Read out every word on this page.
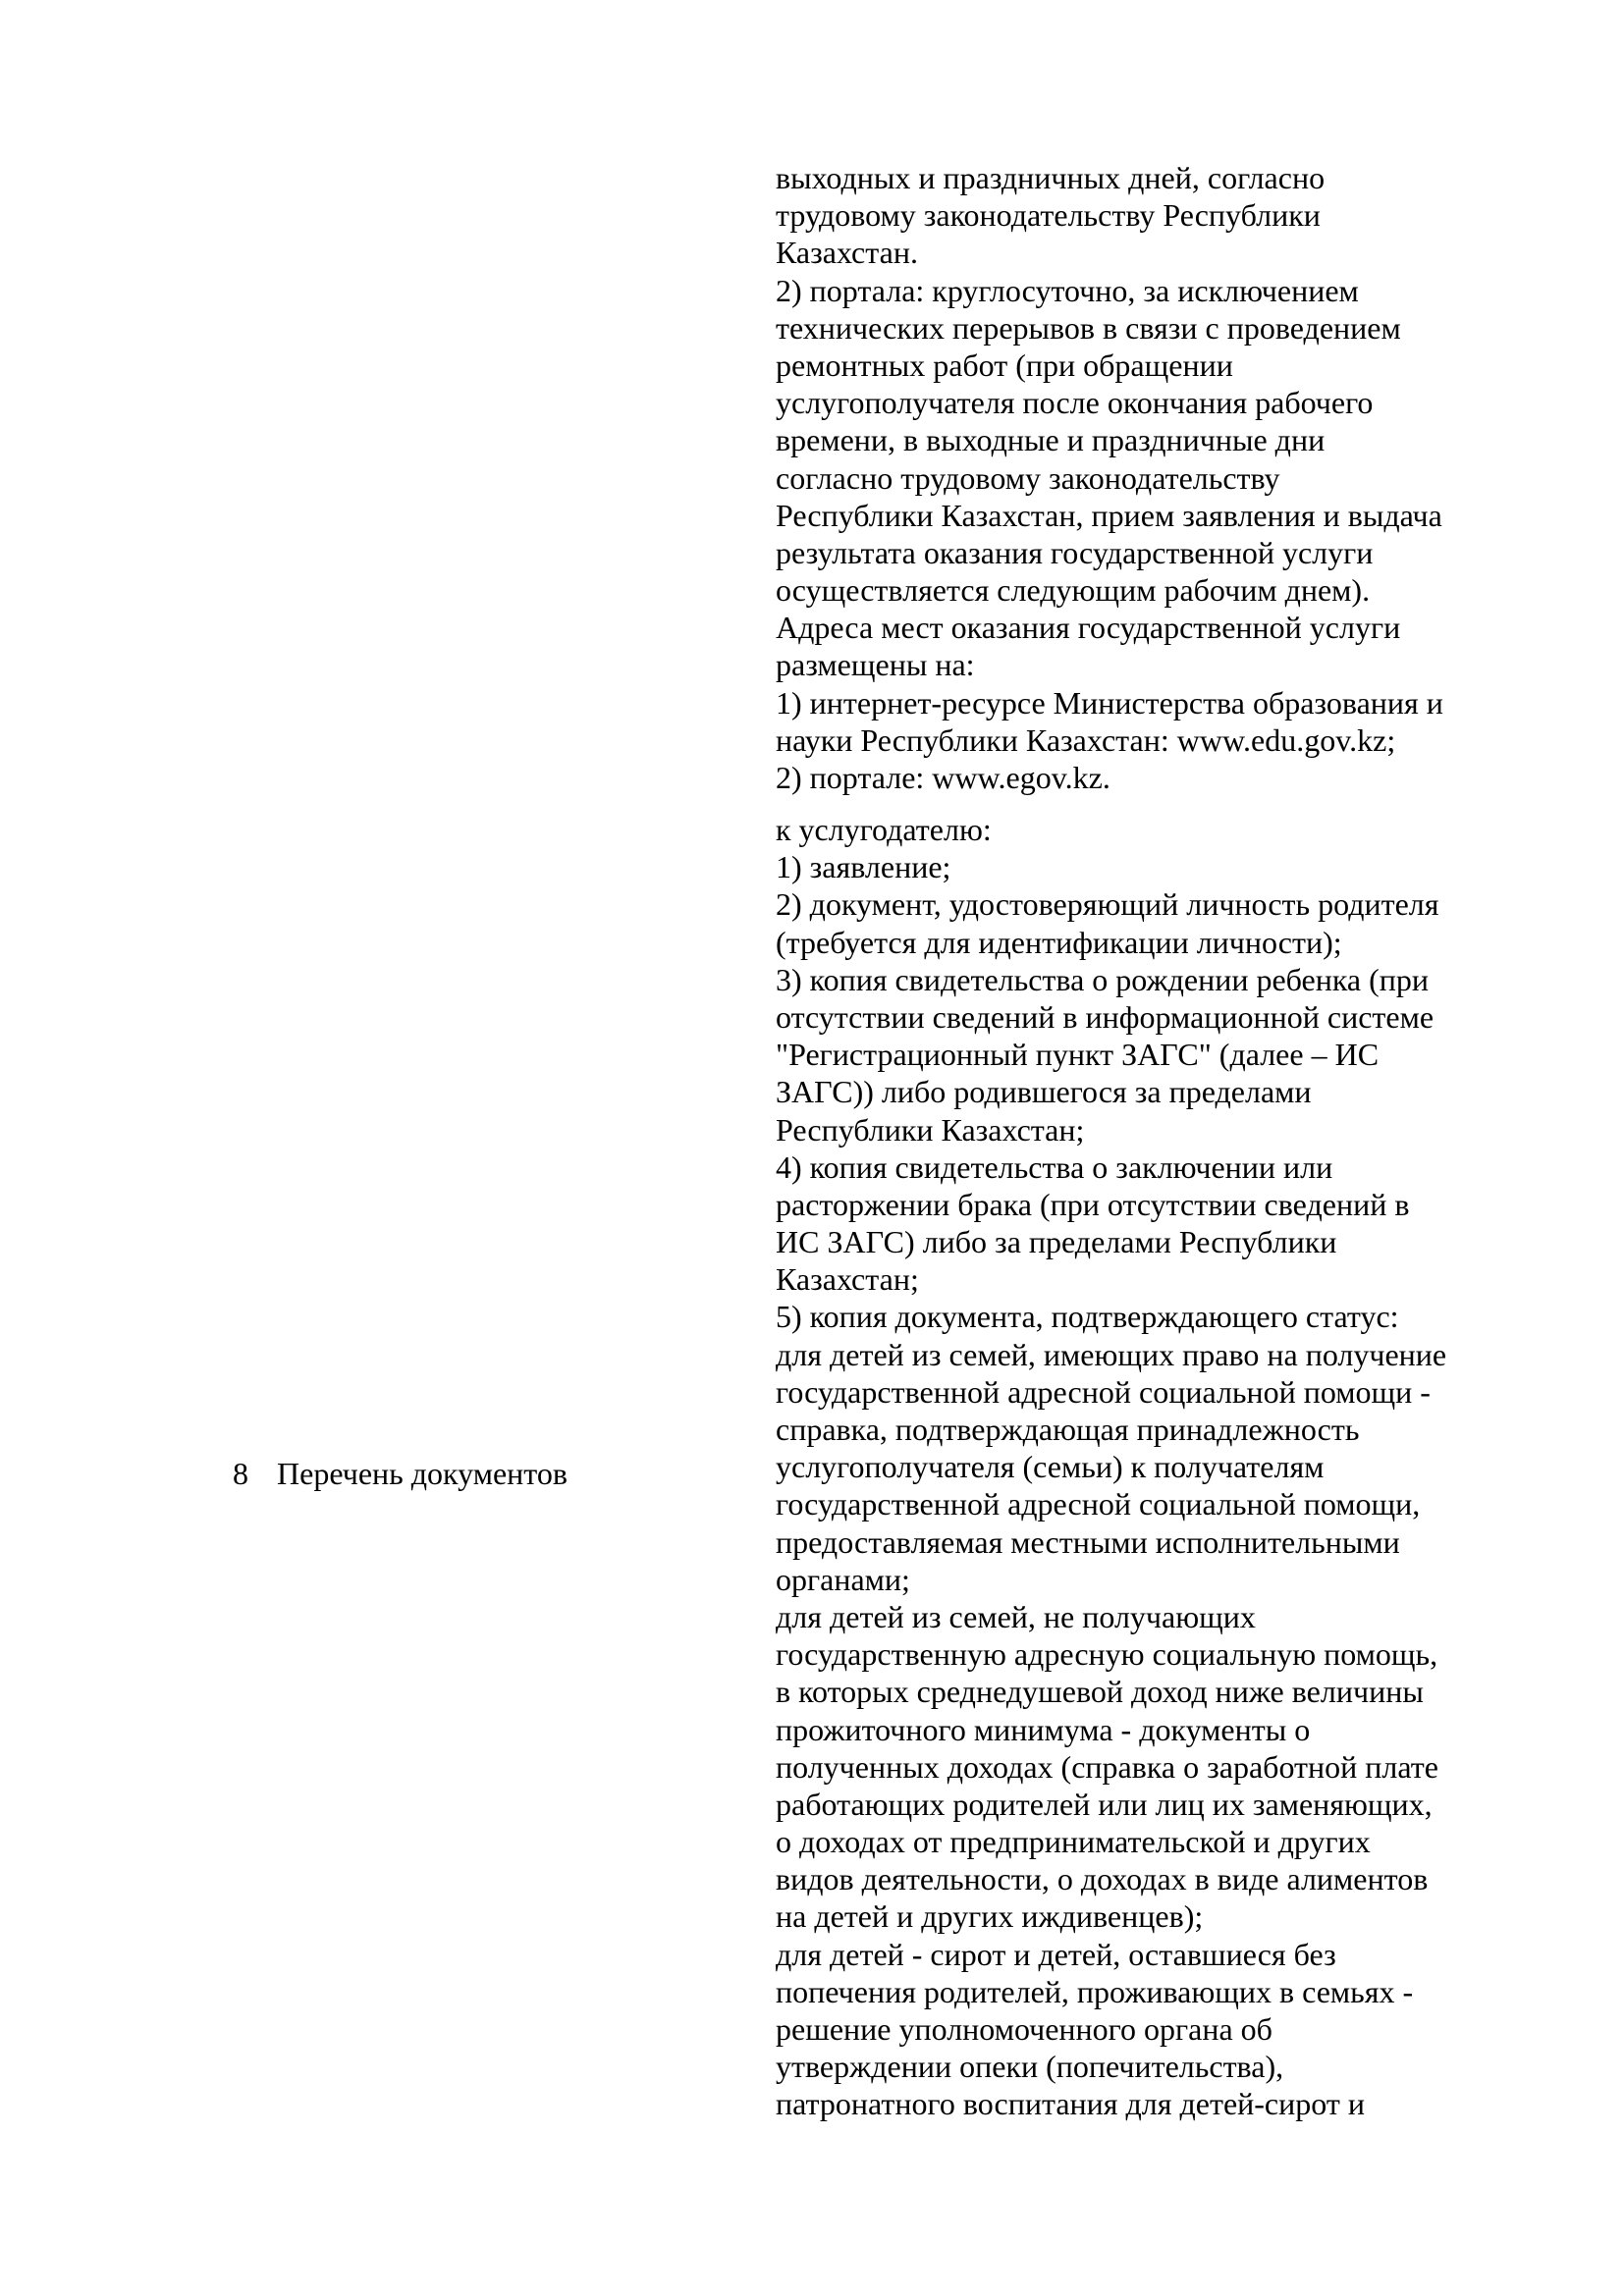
выходных и праздничных дней, согласно
трудовому законодательству Республики
Казахстан.
2) портала: круглосуточно, за исключением
технических перерывов в связи с проведением
ремонтных работ (при обращении
услугополучателя после окончания рабочего
времени, в выходные и праздничные дни
согласно трудовому законодательству
Республики Казахстан, прием заявления и выдача
результата оказания государственной услуги
осуществляется следующим рабочим днем).
Адреса мест оказания государственной услуги
размещены на:
1) интернет-ресурсе Министерства образования и
науки Республики Казахстан: www.edu.gov.kz;
2) портале: www.egov.kz.
8 Перечень документов
к услугодателю:
1) заявление;
2) документ, удостоверяющий личность родителя
(требуется для идентификации личности);
3) копия свидетельства о рождении ребенка (при
отсутствии сведений в информационной системе
"Регистрационный пункт ЗАГС" (далее – ИС
ЗАГС)) либо родившегося за пределами
Республики Казахстан;
4) копия свидетельства о заключении или
расторжении брака (при отсутствии сведений в
ИС ЗАГС) либо за пределами Республики
Казахстан;
5) копия документа, подтверждающего статус:
для детей из семей, имеющих право на получение
государственной адресной социальной помощи -
справка, подтверждающая принадлежность
услугополучателя (семьи) к получателям
государственной адресной социальной помощи,
предоставляемая местными исполнительными
органами;
для детей из семей, не получающих
государственную адресную социальную помощь,
в которых среднедушевой доход ниже величины
прожиточного минимума - документы о
полученных доходах (справка о заработной плате
работающих родителей или лиц их заменяющих,
о доходах от предпринимательской и других
видов деятельности, о доходах в виде алиментов
на детей и других иждивенцев);
для детей - сирот и детей, оставшиеся без
попечения родителей, проживающих в семьях -
решение уполномоченного органа об
утверждении опеки (попечительства),
патронатного воспитания для детей-сирот и
